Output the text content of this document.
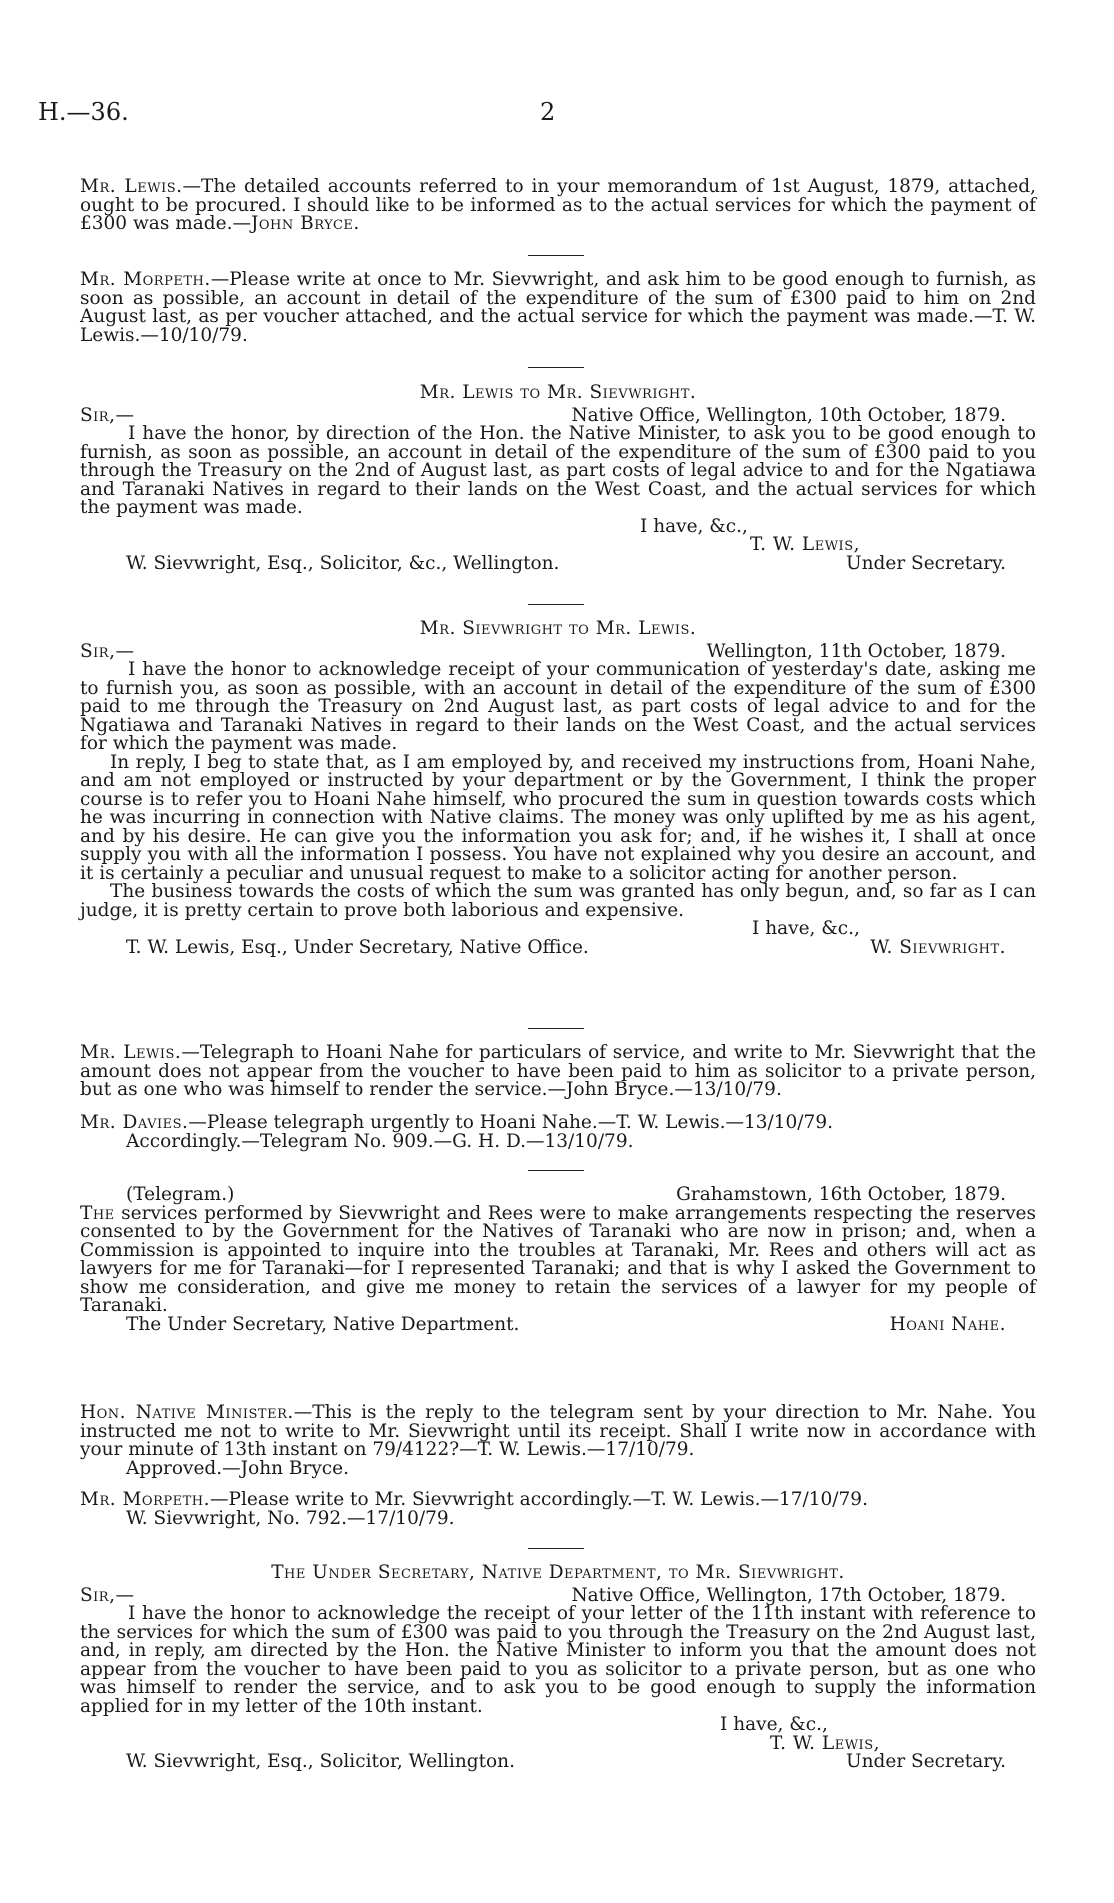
H.—36.	2
Mr. Lewis.—The detailed accounts referred to in your memorandum of 1st August, 1879, attached, ought to be procured. I should like to be informed as to the actual services for which the payment of £300 was made.—John Bryce.
Mr. Morpeth.—Please write at once to Mr. Sievwright, and ask him to be good enough to furnish, as soon as possible, an account in detail of the expenditure of the sum of £300 paid to him on 2nd August last, as per voucher attached, and the actual service for which the payment was made.—T. W. Lewis.—10/10/79.
Mr. Lewis to Mr. Sievwright.
Sir,—	Native Office, Wellington, 10th October, 1879.
I have the honor, by direction of the Hon. the Native Minister, to ask you to be good enough to furnish, as soon as possible, an account in detail of the expenditure of the sum of £300 paid to you through the Treasury on the 2nd of August last, as part costs of legal advice to and for the Ngatiawa and Taranaki Natives in regard to their lands on the West Coast, and the actual services for which the payment was made.
I have, &c.,
T. W. Lewis,
W. Sievwright, Esq., Solicitor, &c., Wellington.	Under Secretary.
Mr. Sievwright to Mr. Lewis.
Sir,—	Wellington, 11th October, 1879.
I have the honor to acknowledge receipt of your communication of yesterday's date, asking me to furnish you, as soon as possible, with an account in detail of the expenditure of the sum of £300 paid to me through the Treasury on 2nd August last, as part costs of legal advice to and for the Ngatiawa and Taranaki Natives in regard to their lands on the West Coast, and the actual services for which the payment was made.
In reply, I beg to state that, as I am employed by, and received my instructions from, Hoani Nahe, and am not employed or instructed by your department or by the Government, I think the proper course is to refer you to Hoani Nahe himself, who procured the sum in question towards costs which he was incurring in connection with Native claims. The money was only uplifted by me as his agent, and by his desire. He can give you the information you ask for; and, if he wishes it, I shall at once supply you with all the information I possess. You have not explained why you desire an account, and it is certainly a peculiar and unusual request to make to a solicitor acting for another person.
The business towards the costs of which the sum was granted has only begun, and, so far as I can judge, it is pretty certain to prove both laborious and expensive.
I have, &c.,
T. W. Lewis, Esq., Under Secretary, Native Office.	W. Sievwright.
Mr. Lewis.—Telegraph to Hoani Nahe for particulars of service, and write to Mr. Sievwright that the amount does not appear from the voucher to have been paid to him as solicitor to a private person, but as one who was himself to render the service.—John Bryce.—13/10/79.
Mr. Davies.—Please telegraph urgently to Hoani Nahe.—T. W. Lewis.—13/10/79.
Accordingly.—Telegram No. 909.—G. H. D.—13/10/79.
(Telegram.)	Grahamstown, 16th October, 1879.
The services performed by Sievwright and Rees were to make arrangements respecting the reserves consented to by the Government for the Natives of Taranaki who are now in prison; and, when a Commission is appointed to inquire into the troubles at Taranaki, Mr. Rees and others will act as lawyers for me for Taranaki—for I represented Taranaki; and that is why I asked the Government to show me consideration, and give me money to retain the services of a lawyer for my people of Taranaki.
The Under Secretary, Native Department.	Hoani Nahe.
Hon. Native Minister.—This is the reply to the telegram sent by your direction to Mr. Nahe. You instructed me not to write to Mr. Sievwright until its receipt. Shall I write now in accordance with your minute of 13th instant on 79/4122?—T. W. Lewis.—17/10/79.
Approved.—John Bryce.
Mr. Morpeth.—Please write to Mr. Sievwright accordingly.—T. W. Lewis.—17/10/79.
W. Sievwright, No. 792.—17/10/79.
The Under Secretary, Native Department, to Mr. Sievwright.
Sir,—	Native Office, Wellington, 17th October, 1879.
I have the honor to acknowledge the receipt of your letter of the 11th instant with reference to the services for which the sum of £300 was paid to you through the Treasury on the 2nd August last, and, in reply, am directed by the Hon. the Native Minister to inform you that the amount does not appear from the voucher to have been paid to you as solicitor to a private person, but as one who was himself to render the service, and to ask you to be good enough to supply the information applied for in my letter of the 10th instant.
I have, &c.,
T. W. Lewis,
W. Sievwright, Esq., Solicitor, Wellington.	Under Secretary.
